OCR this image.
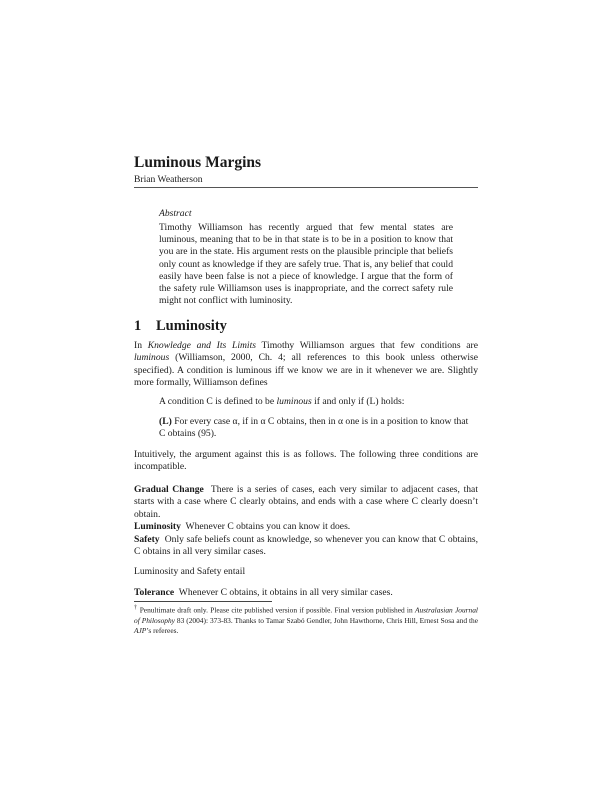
Luminous Margins

Brian Weatherson

Abstract

Timothy Williamson has recently argued that few mental states are luminous, meaning that to be in that state is to be in a position to know that you are in the state. His argument rests on the plausible principle that beliefs only count as knowledge if they are safely true. That is, any belief that could easily have been false is not a piece of knowledge. I argue that the form of the safety rule Williamson uses is inappropriate, and the correct safety rule might not conflict with luminosity.

1 Luminosity

In Knowledge and Its Limits Timothy Williamson argues that few conditions are luminous (Williamson, 2000, Ch. 4; all references to this book unless otherwise specified). A condition is luminous iff we know we are in it whenever we are. Slightly more formally, Williamson defines

A condition C is defined to be luminous if and only if (L) holds:

(L) For every case α, if in α C obtains, then in α one is in a position to know that C obtains (95).

Intuitively, the argument against this is as follows. The following three conditions are incompatible.

Gradual Change There is a series of cases, each very similar to adjacent cases, that starts with a case where C clearly obtains, and ends with a case where C clearly doesn’t obtain.

Luminosity Whenever C obtains you can know it does.

Safety Only safe beliefs count as knowledge, so whenever you can know that C obtains, C obtains in all very similar cases.

Luminosity and Safety entail

Tolerance Whenever C obtains, it obtains in all very similar cases.

† Penultimate draft only. Please cite published version if possible. Final version published in Australasian Journal of Philosophy 83 (2004): 373-83. Thanks to Tamar Szabó Gendler, John Hawthorne, Chris Hill, Ernest Sosa and the AJP’s referees.
